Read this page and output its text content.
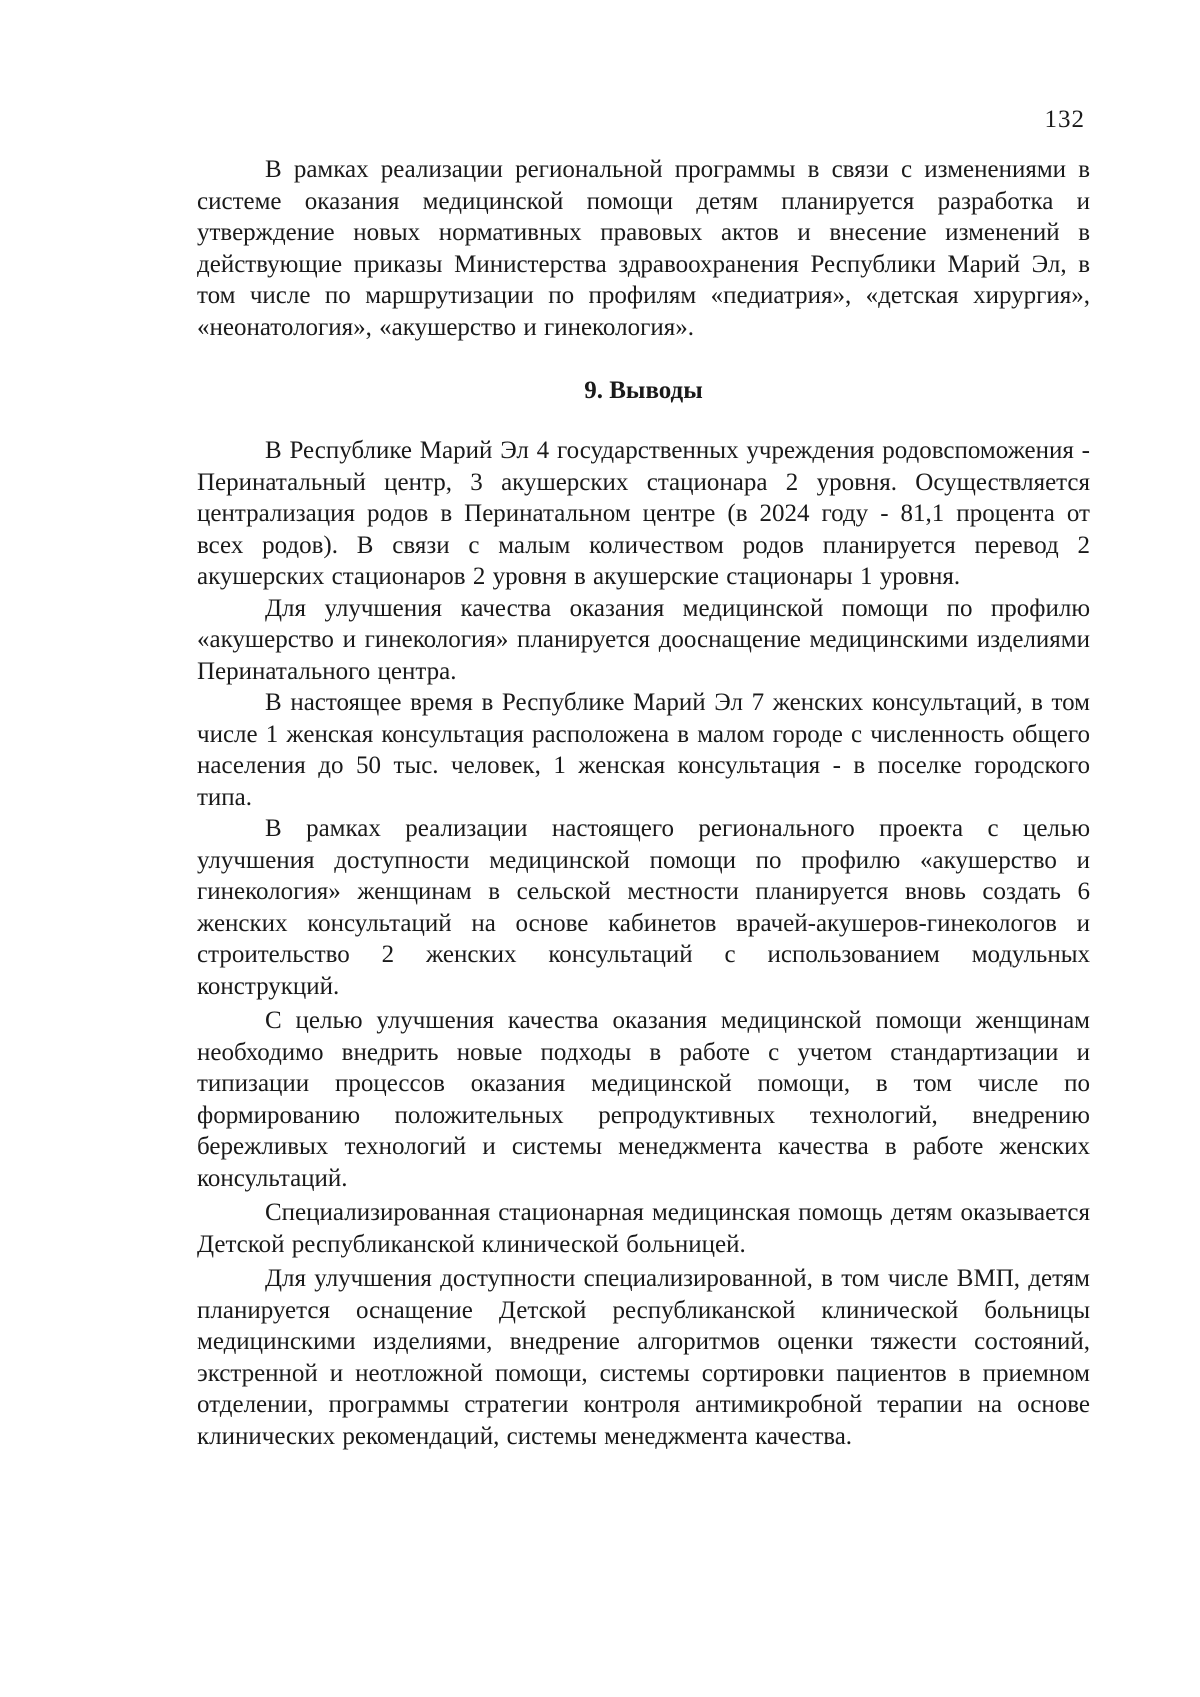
132

В рамках реализации региональной программы в связи с изменениями в системе оказания медицинской помощи детям планируется разработка и утверждение новых нормативных правовых актов и внесение изменений в действующие приказы Министерства здравоохранения Республики Марий Эл, в том числе по маршрутизации по профилям «педиатрия», «детская хирургия», «неонатология», «акушерство и гинекология».

9. Выводы

В Республике Марий Эл 4 государственных учреждения родовспоможения - Перинатальный центр, 3 акушерских стационара 2 уровня. Осуществляется централизация родов в Перинатальном центре (в 2024 году - 81,1 процента от всех родов). В связи с малым количеством родов планируется перевод 2 акушерских стационаров 2 уровня в акушерские стационары 1 уровня.

Для улучшения качества оказания медицинской помощи по профилю «акушерство и гинекология» планируется дооснащение медицинскими изделиями Перинатального центра.

В настоящее время в Республике Марий Эл 7 женских консультаций, в том числе 1 женская консультация расположена в малом городе с численность общего населения до 50 тыс. человек, 1 женская консультация - в поселке городского типа.

В рамках реализации настоящего регионального проекта с целью улучшения доступности медицинской помощи по профилю «акушерство и гинекология» женщинам в сельской местности планируется вновь создать 6 женских консультаций на основе кабинетов врачей-акушеров-гинекологов и строительство 2 женских консультаций с использованием модульных конструкций.

С целью улучшения качества оказания медицинской помощи женщинам необходимо внедрить новые подходы в работе с учетом стандартизации и типизации процессов оказания медицинской помощи, в том числе по формированию положительных репродуктивных технологий, внедрению бережливых технологий и системы менеджмента качества в работе женских консультаций.

Специализированная стационарная медицинская помощь детям оказывается Детской республиканской клинической больницей.

Для улучшения доступности специализированной, в том числе ВМП, детям планируется оснащение Детской республиканской клинической больницы медицинскими изделиями, внедрение алгоритмов оценки тяжести состояний, экстренной и неотложной помощи, системы сортировки пациентов в приемном отделении, программы стратегии контроля антимикробной терапии на основе клинических рекомендаций, системы менеджмента качества.
